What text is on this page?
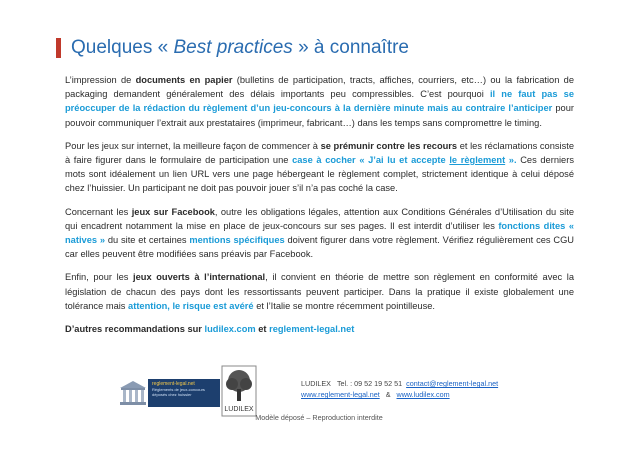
Quelques « Best practices » à connaître

L’impression de documents en papier (bulletins de participation, tracts, affiches, courriers, etc…) ou la fabrication de packaging demandent généralement des délais importants peu compressibles. C’est pourquoi il ne faut pas se préoccuper de la rédaction du règlement d’un jeu-concours à la dernière minute mais au contraire l’anticiper pour pouvoir communiquer l’extrait aux prestataires (imprimeur, fabricant…) dans les temps sans compromettre le timing.

Pour les jeux sur internet, la meilleure façon de commencer à se prémunir contre les recours et les réclamations consiste à faire figurer dans le formulaire de participation une case à cocher « J’ai lu et accepte le règlement ». Ces derniers mots sont idéalement un lien URL vers une page hébergeant le règlement complet, strictement identique à celui déposé chez l’huissier. Un participant ne doit pas pouvoir jouer s’il n’a pas coché la case.

Concernant les jeux sur Facebook, outre les obligations légales, attention aux Conditions Générales d’Utilisation du site qui encadrent notamment la mise en place de jeux-concours sur ses pages. Il est interdit d’utiliser les fonctions dites « natives » du site et certaines mentions spécifiques doivent figurer dans votre règlement. Vérifiez régulièrement ces CGU car elles peuvent être modifiées sans préavis par Facebook.

Enfin, pour les jeux ouverts à l’international, il convient en théorie de mettre son règlement en conformité avec la législation de chacun des pays dont les ressortissants peuvent participer. Dans la pratique il existe globalement une tolérance mais attention, le risque est avéré et l’Italie se montre récemment pointilleuse.

D’autres recommandations sur ludilex.com et reglement-legal.net

reglement-legal.net
Règlements de jeux-concours
déposés chez huissier
LUDILEX
LUDILEX Tel. : 09 52 19 52 51 contact@reglement-legal.net
www.reglement-legal.net & www.ludilex.com
Modèle déposé – Reproduction interdite
